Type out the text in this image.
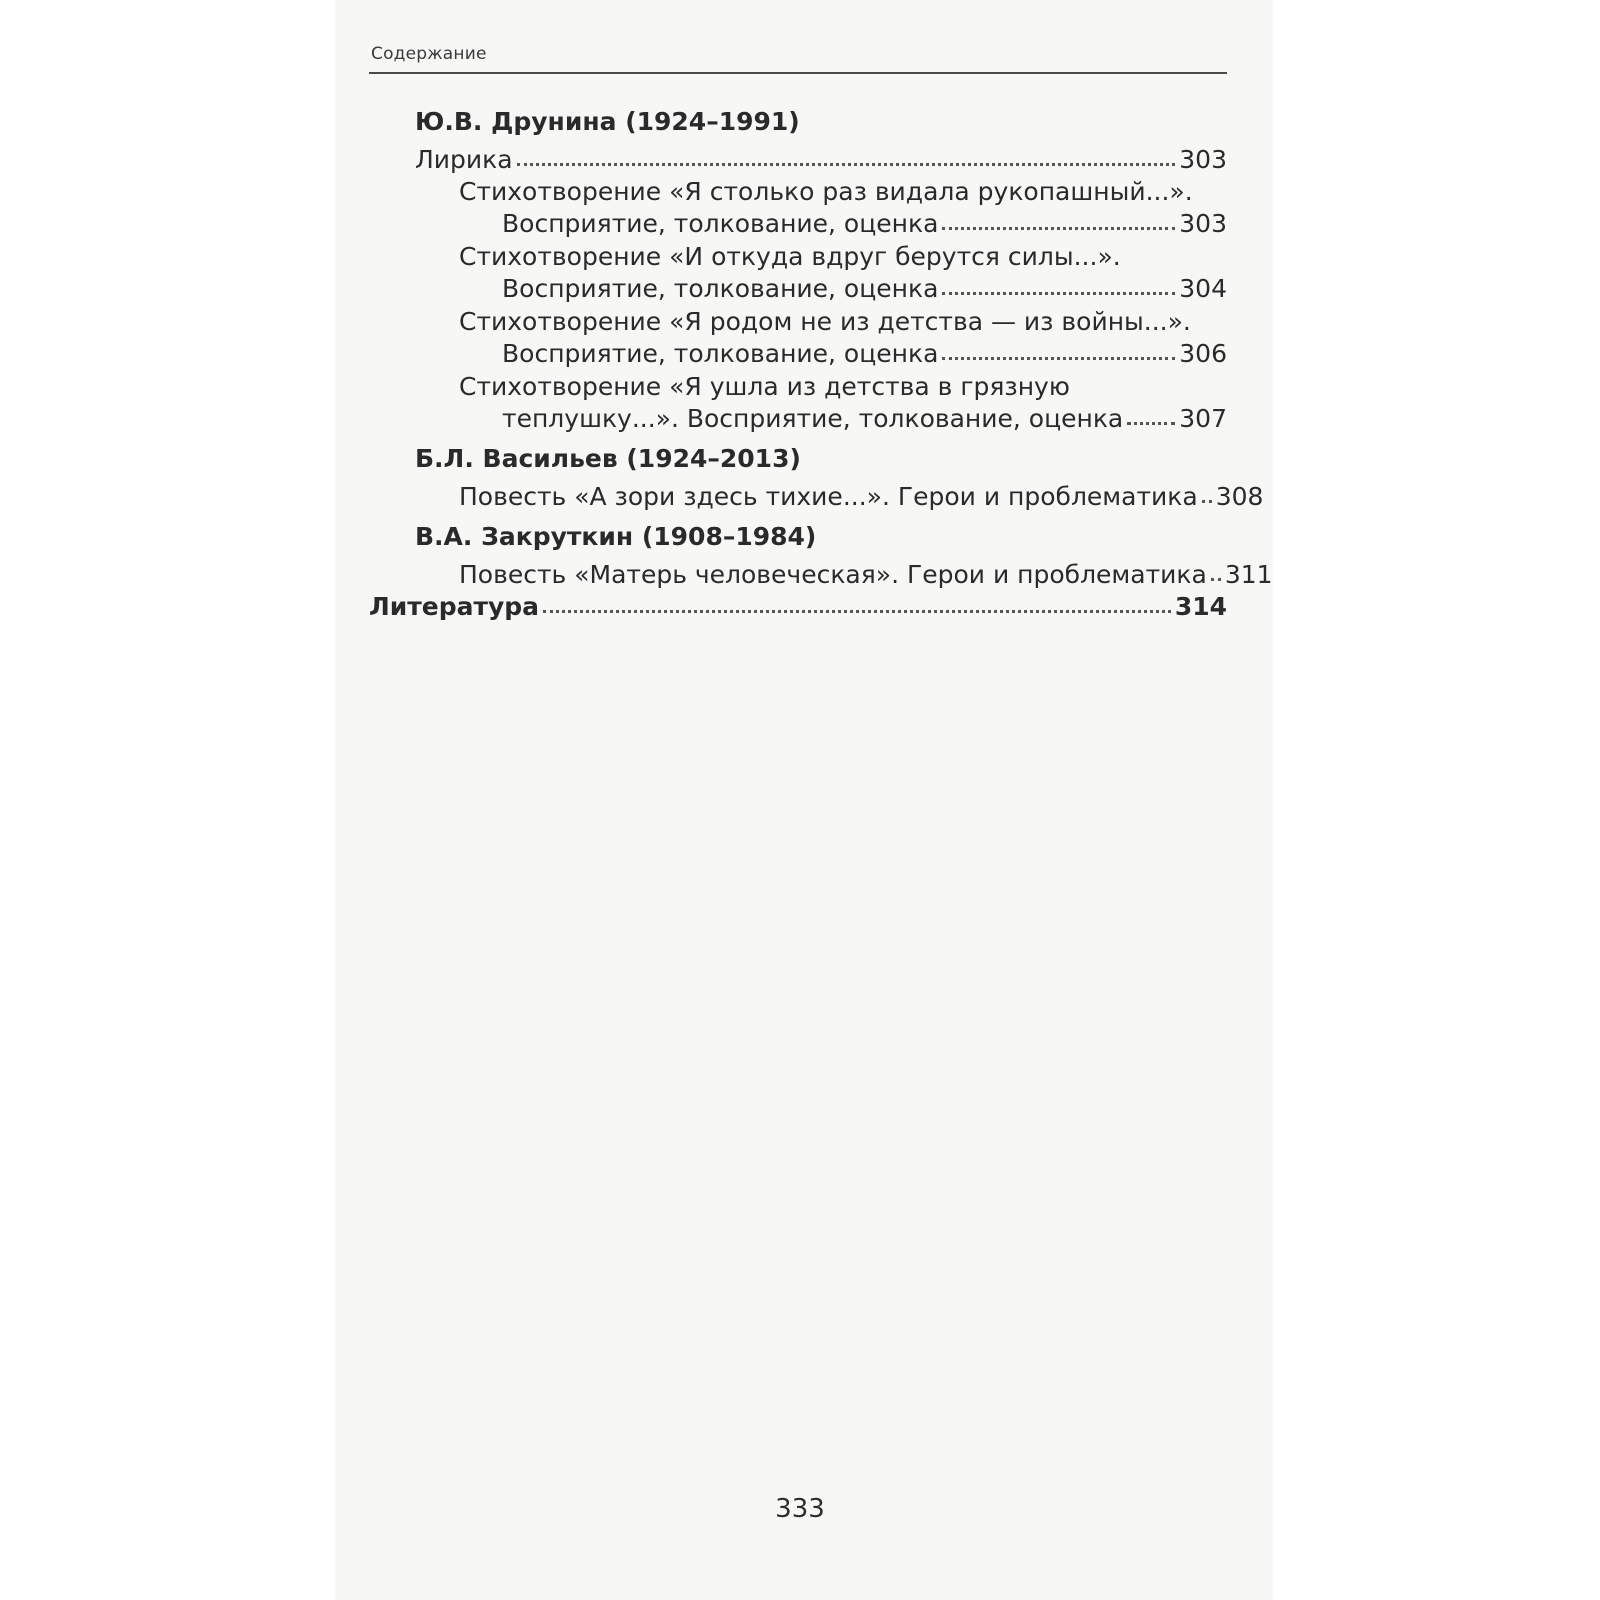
Содержание
Ю.В. Друнина (1924–1991)
Лирика	303
Стихотворение «Я столько раз видала рукопашный...».
Восприятие, толкование, оценка	303
Стихотворение «И откуда вдруг берутся силы...».
Восприятие, толкование, оценка	304
Стихотворение «Я родом не из детства — из войны...».
Восприятие, толкование, оценка	306
Стихотворение «Я ушла из детства в грязную
теплушку...». Восприятие, толкование, оценка 307
Б.Л. Васильев (1924–2013)
Повесть «А зори здесь тихие...». Герои и проблематика 308
В.А. Закруткин (1908–1984)
Повесть «Матерь человеческая». Герои и проблематика 311
Литература	314
333
